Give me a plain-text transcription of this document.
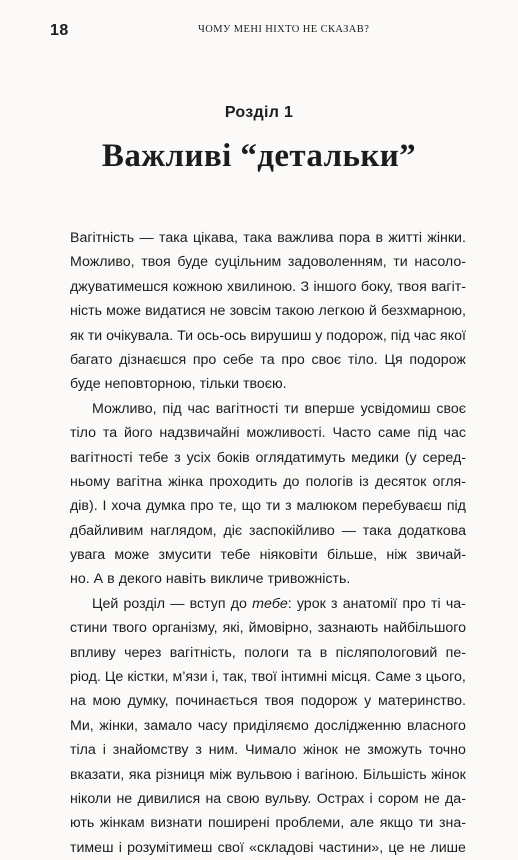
18	ЧОМУ МЕНІ НІХТО НЕ СКАЗАВ?
Розділ 1
Важливі “детальки”
Вагітність — така цікава, така важлива пора в житті жінки.
Можливо, твоя буде суцільним задоволенням, ти насоло-
джуватимешся кожною хвилиною. З іншого боку, твоя вагіт-
ність може видатися не зовсім такою легкою й безхмарною,
як ти очікувала. Ти ось-ось вирушиш у подорож, під час якої
багато дізнаєшся про себе та про своє тіло. Ця подорож
буде неповторною, тільки твоєю.
Можливо, під час вагітності ти вперше усвідомиш своє
тіло та його надзвичайні можливості. Часто саме під час
вагітності тебе з усіх боків оглядатимуть медики (у серед-
ньому вагітна жінка проходить до пологів із десяток огля-
дів). І хоча думка про те, що ти з малюком перебуваєш під
дбайливим наглядом, діє заспокійливо — така додаткова
увага може змусити тебе ніяковіти більше, ніж звичай-
но. А в декого навіть викличе тривожність.
Цей розділ — вступ до тебе: урок з анатомії про ті ча-
стини твого організму, які, ймовірно, зазнають найбільшого
впливу через вагітність, пологи та в післяпологовий пе-
ріод. Це кістки, м’язи і, так, твої інтимні місця. Саме з цього,
на мою думку, починається твоя подорож у материнство.
Ми, жінки, замало часу приділяємо дослідженню власного
тіла і знайомству з ним. Чимало жінок не зможуть точно
вказати, яка різниця між вульвою і вагіною. Більшість жінок
ніколи не дивилися на свою вульву. Острах і сором не да-
ють жінкам визнати поширені проблеми, але якщо ти зна-
тимеш і розумітимеш свої «складові частини», це не лише
